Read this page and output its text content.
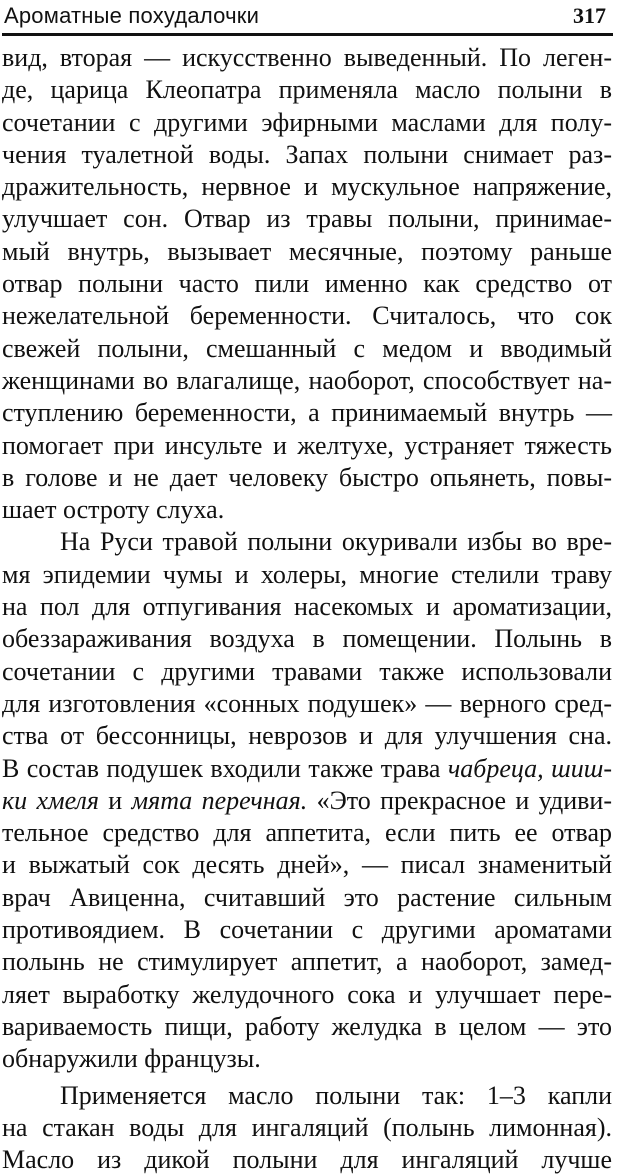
Ароматные похудалочки	317
вид, вторая — искусственно выведенный. По леген-
де, царица Клеопатра применяла масло полыни в
сочетании с другими эфирными маслами для полу-
чения туалетной воды. Запах полыни снимает раз-
дражительность, нервное и мускульное напряжение,
улучшает сон. Отвар из травы полыни, принимае-
мый внутрь, вызывает месячные, поэтому раньше
отвар полыни часто пили именно как средство от
нежелательной беременности. Считалось, что сок
свежей полыни, смешанный с медом и вводимый
женщинами во влагалище, наоборот, способствует на-
ступлению беременности, а принимаемый внутрь —
помогает при инсульте и желтухе, устраняет тяжесть
в голове и не дает человеку быстро опьянеть, повы-
шает остроту слуха.
На Руси травой полыни окуривали избы во вре-
мя эпидемии чумы и холеры, многие стелили траву
на пол для отпугивания насекомых и ароматизации,
обеззараживания воздуха в помещении. Полынь в
сочетании с другими травами также использовали
для изготовления «сонных подушек» — верного сред-
ства от бессонницы, неврозов и для улучшения сна.
В состав подушек входили также трава чабреца, шиш-
ки хмеля и мята перечная. «Это прекрасное и удиви-
тельное средство для аппетита, если пить ее отвар
и выжатый сок десять дней», — писал знаменитый
врач Авиценна, считавший это растение сильным
противоядием. В сочетании с другими ароматами
полынь не стимулирует аппетит, а наоборот, замед-
ляет выработку желудочного сока и улучшает пере-
вариваемость пищи, работу желудка в целом — это
обнаружили французы.
Применяется масло полыни так: 1–3 капли
на стакан воды для ингаляций (полынь лимонная).
Масло из дикой полыни для ингаляций лучше
